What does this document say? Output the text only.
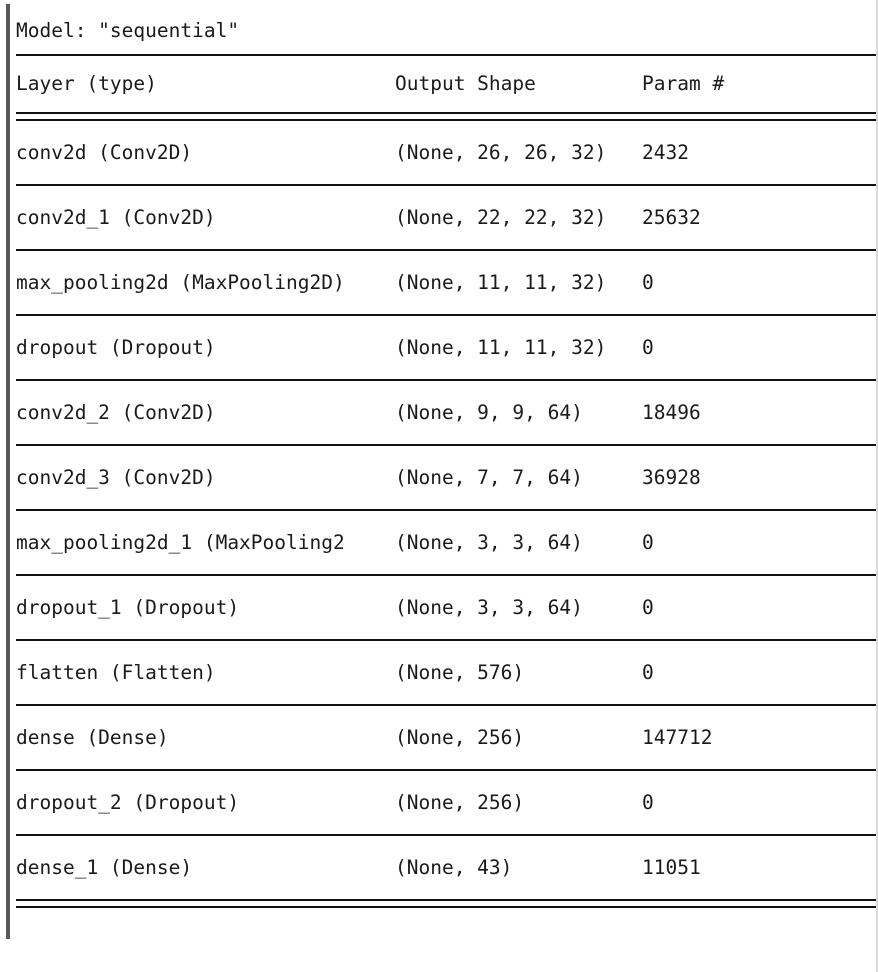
Model: "sequential"
Layer (type)	Output Shape	Param #
conv2d (Conv2D)	(None, 26, 26, 32)	2432
conv2d_1 (Conv2D)	(None, 22, 22, 32)	25632
max_pooling2d (MaxPooling2D)	(None, 11, 11, 32)	0
dropout (Dropout)	(None, 11, 11, 32)	0
conv2d_2 (Conv2D)	(None, 9, 9, 64)	18496
conv2d_3 (Conv2D)	(None, 7, 7, 64)	36928
max_pooling2d_1 (MaxPooling2	(None, 3, 3, 64)	0
dropout_1 (Dropout)	(None, 3, 3, 64)	0
flatten (Flatten)	(None, 576)	0
dense (Dense)	(None, 256)	147712
dropout_2 (Dropout)	(None, 256)	0
dense_1 (Dense)	(None, 43)	11051
